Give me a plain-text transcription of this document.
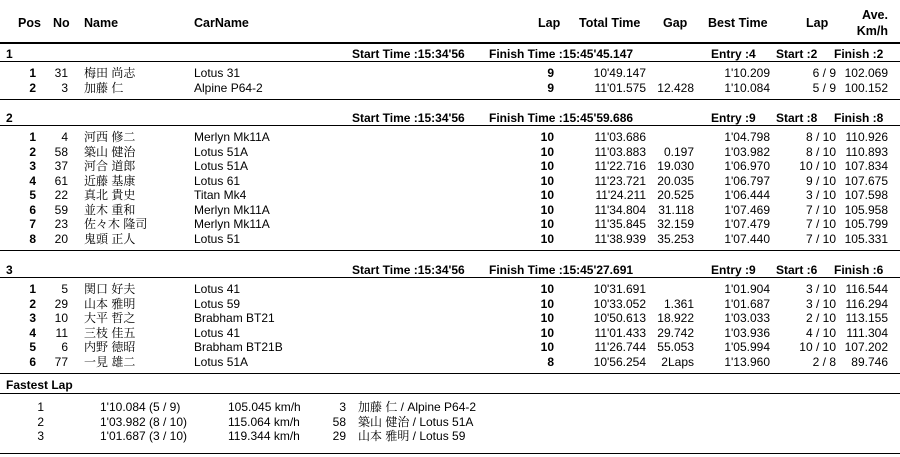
Pos No Name	CarName	Lap Total Time Gap Best Time	Lap
Ave.
Km/h
1	Start Time :15:34'56 Finish Time :15:45'45.147	Entry :4 Start :2 Finish :2
1	31 梅田 尚志	Lotus 31	9	10'49.147	1'10.209	6 / 9 102.069
2	3 加藤 仁	Alpine P64-2	9	11'01.575 12.428	1'10.084	5 / 9 100.152
2	Start Time :15:34'56 Finish Time :15:45'59.686	Entry :9 Start :8 Finish :8
1	4 河西 修二	Merlyn Mk11A	10	11'03.686	1'04.798	8 / 10 110.926
2	58 築山 健治	Lotus 51A	10	11'03.883	0.197	1'03.982	8 / 10 110.893
3	37 河合 道郎	Lotus 51A	10	11'22.716 19.030	1'06.970	10 / 10 107.834
4	61 近藤 基康	Lotus 61	10	11'23.721 20.035	1'06.797	9 / 10 107.675
5	22 真北 貴史	Titan Mk4	10	11'24.211 20.525	1'06.444	3 / 10 107.598
6	59 並木 重和	Merlyn Mk11A	10	11'34.804	31.118	1'07.469	7 / 10 105.958
7	23 佐々木 隆司	Merlyn Mk11A	10	11'35.845 32.159	1'07.479	7 / 10 105.799
8	20 鬼頭 正人	Lotus 51	10	11'38.939 35.253	1'07.440	7 / 10 105.331
3	Start Time :15:34'56 Finish Time :15:45'27.691	Entry :9 Start :6 Finish :6
1	5 関口 好夫	Lotus 41	10	10'31.691	1'01.904	3 / 10 116.544
2	29 山本 雅明	Lotus 59	10	10'33.052	1.361	1'01.687	3 / 10 116.294
3	10 大平 哲之	Brabham BT21	10	10'50.613 18.922	1'03.033	2 / 10 113.155
4	11 三枝 佳五	Lotus 41	10	11'01.433 29.742	1'03.936	4 / 10 111.304
5	6 内野 徳昭	Brabham BT21B	10	11'26.744 55.053	1'05.994	10 / 10 107.202
6	77 一見 雄二	Lotus 51A	8	10'56.254	2Laps	1'13.960	2 / 8	89.746
Fastest Lap
1	1'10.084 (5 / 9)	105.045 km/h	3 加藤 仁 / Alpine P64-2
2	1'03.982 (8 / 10)	115.064 km/h	58 築山 健治 / Lotus 51A
3	1'01.687 (3 / 10)	119.344 km/h	29 山本 雅明 / Lotus 59
